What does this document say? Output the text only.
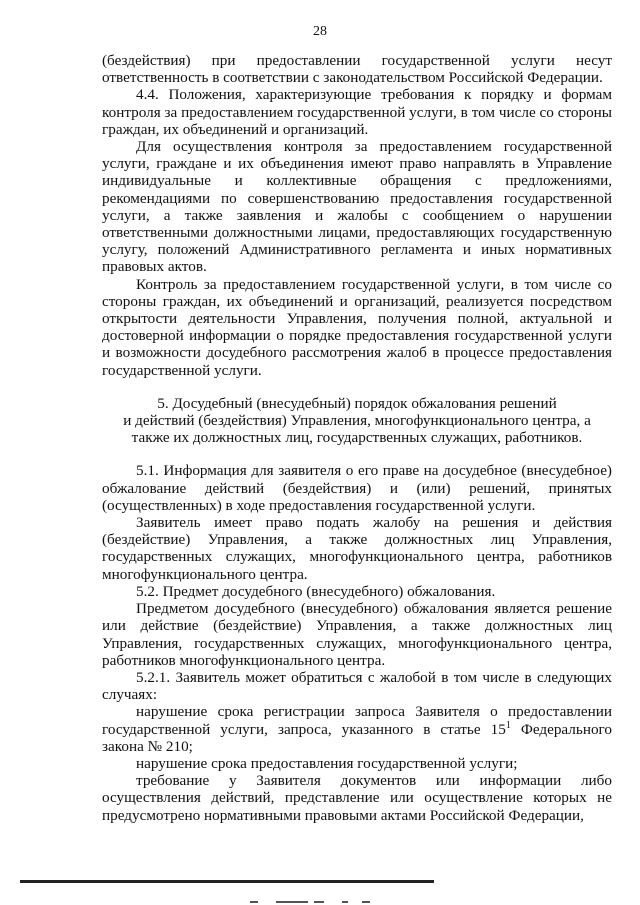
28

(бездействия) при предоставлении государственной услуги несут ответственность в соответствии с законодательством Российской Федерации.

4.4. Положения, характеризующие требования к порядку и формам контроля за предоставлением государственной услуги, в том числе со стороны граждан, их объединений и организаций.

Для осуществления контроля за предоставлением государственной услуги, граждане и их объединения имеют право направлять в Управление индивидуальные и коллективные обращения с предложениями, рекомендациями по совершенствованию предоставления государственной услуги, а также заявления и жалобы с сообщением о нарушении ответственными должностными лицами, предоставляющих государственную услугу, положений Административного регламента и иных нормативных правовых актов.

Контроль за предоставлением государственной услуги, в том числе со стороны граждан, их объединений и организаций, реализуется посредством открытости деятельности Управления, получения полной, актуальной и достоверной информации о порядке предоставления государственной услуги и возможности досудебного рассмотрения жалоб в процессе предоставления государственной услуги.

5. Досудебный (внесудебный) порядок обжалования решений

и действий (бездействия) Управления, многофункционального центра, а

также их должностных лиц, государственных служащих, работников.

5.1. Информация для заявителя о его праве на досудебное (внесудебное) обжалование действий (бездействия) и (или) решений, принятых (осуществленных) в ходе предоставления государственной услуги.

Заявитель имеет право подать жалобу на решения и действия (бездействие) Управления, а также должностных лиц Управления, государственных служащих, многофункционального центра, работников многофункционального центра.

5.2. Предмет досудебного (внесудебного) обжалования.

Предметом досудебного (внесудебного) обжалования является решение или действие (бездействие) Управления, а также должностных лиц Управления, государственных служащих, многофункционального центра, работников многофункционального центра.

5.2.1. Заявитель может обратиться с жалобой в том числе в следующих случаях:

нарушение срока регистрации запроса Заявителя о предоставлении государственной услуги, запроса, указанного в статье $15^1$ Федерального закона № 210;

нарушение срока предоставления государственной услуги;

требование у Заявителя документов или информации либо осуществления действий, представление или осуществление которых не предусмотрено нормативными правовыми актами Российской Федерации,
